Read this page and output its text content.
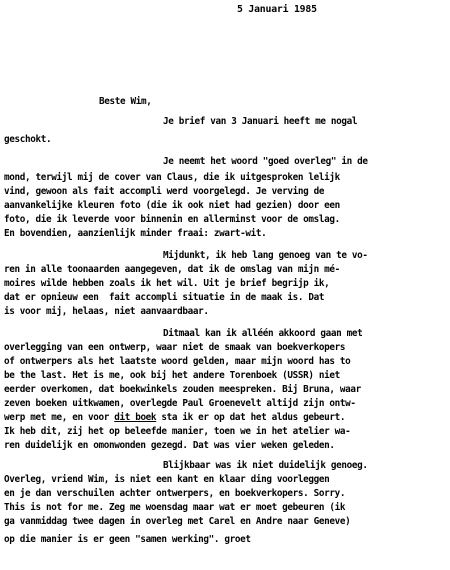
5 Januari 1985
Beste Wim,
Je brief van 3 Januari heeft me nogal
geschokt.
Je neemt het woord "goed overleg" in de
mond, terwijl mij de cover van Claus, die ik uitgesproken lelijk
vind, gewoon als fait accompli werd voorgelegd. Je verving de
aanvankelijke kleuren foto (die ik ook niet had gezien) door een
foto, die ik leverde voor binnenin en allerminst voor de omslag.
En bovendien, aanzienlijk minder fraai: zwart-wit.
Mijdunkt, ik heb lang genoeg van te vo-
ren in alle toonaarden aangegeven, dat ik de omslag van mijn mé-
moires wilde hebben zoals ik het wil. Uit je brief begrijp ik,
dat er opnieuw een  fait accompli situatie in de maak is. Dat
is voor mij, helaas, niet aanvaardbaar.
Ditmaal kan ik alléén akkoord gaan met
overlegging van een ontwerp, waar niet de smaak van boekverkopers
of ontwerpers als het laatste woord gelden, maar mijn woord has to
be the last. Het is me, ook bij het andere Torenboek (USSR) niet
eerder overkomen, dat boekwinkels zouden meespreken. Bij Bruna, waar
zeven boeken uitkwamen, overlegde Paul Groenevelt altijd zijn ontw-
werp met me, en voor dit boek sta ik er op dat het aldus gebeurt.
Ik heb dit, zij het op beleefde manier, toen we in het atelier wa-
ren duidelijk en omonwonden gezegd. Dat was vier weken geleden.
Blijkbaar was ik niet duidelijk genoeg.
Overleg, vriend Wim, is niet een kant en klaar ding voorleggen
en je dan verschuilen achter ontwerpers, en boekverkopers. Sorry.
This is not for me. Zeg me woensdag maar wat er moet gebeuren (ik
ga vanmiddag twee dagen in overleg met Carel en Andre naar Geneve)
op die manier is er geen "samen werking". groet
